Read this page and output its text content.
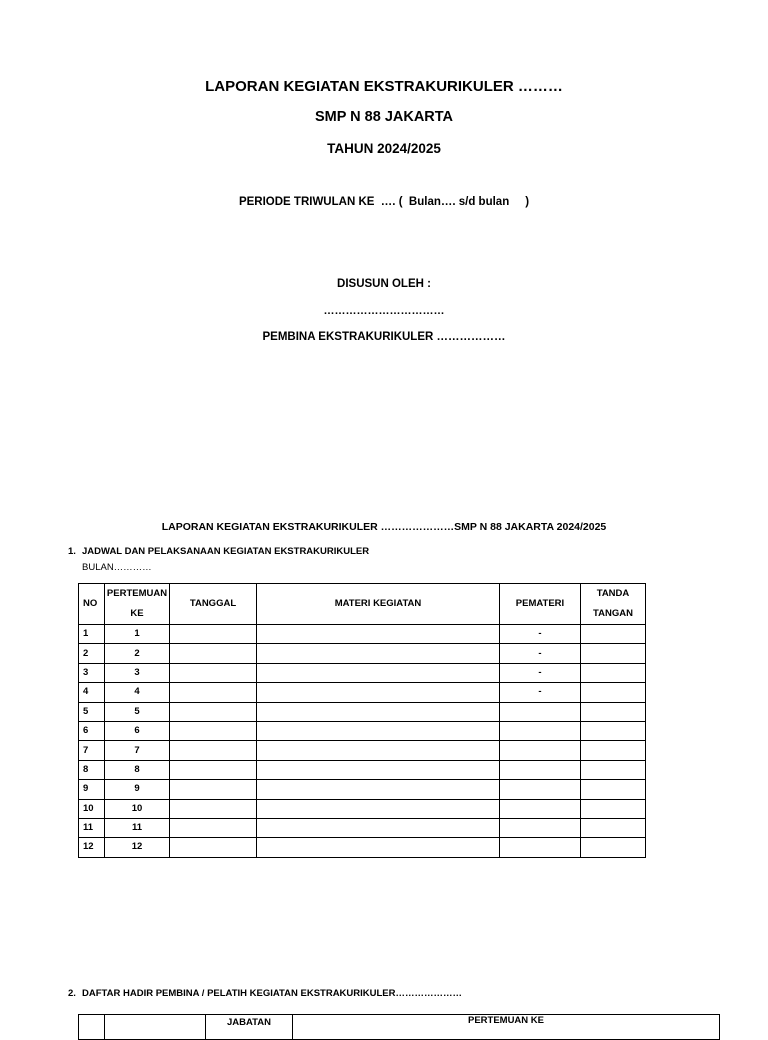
LAPORAN KEGIATAN EKSTRAKURIKULER ………
SMP N 88 JAKARTA
TAHUN 2024/2025
PERIODE TRIWULAN KE  …. (  Bulan…. s/d bulan     )
DISUSUN OLEH :
……………………………
PEMBINA EKSTRAKURIKULER ………………
LAPORAN KEGIATAN EKSTRAKURIKULER …………………SMP N 88 JAKARTA 2024/2025
1. JADWAL DAN PELAKSANAAN KEGIATAN EKSTRAKURIKULER
BULAN…………
NO	PERTEMUAN KE	TANGGAL	MATERI KEGIATAN	PEMATERI	TANDA TANGAN
1	1			-	
2	2			-	
3	3			-	
4	4			-	
5	5				
6	6				
7	7				
8	8				
9	9				
10	10				
11	11				
12	12				
2. DAFTAR HADIR PEMBINA / PELATIH KEGIATAN EKSTRAKURIKULER…………………
		JABATAN	PERTEMUAN KE
